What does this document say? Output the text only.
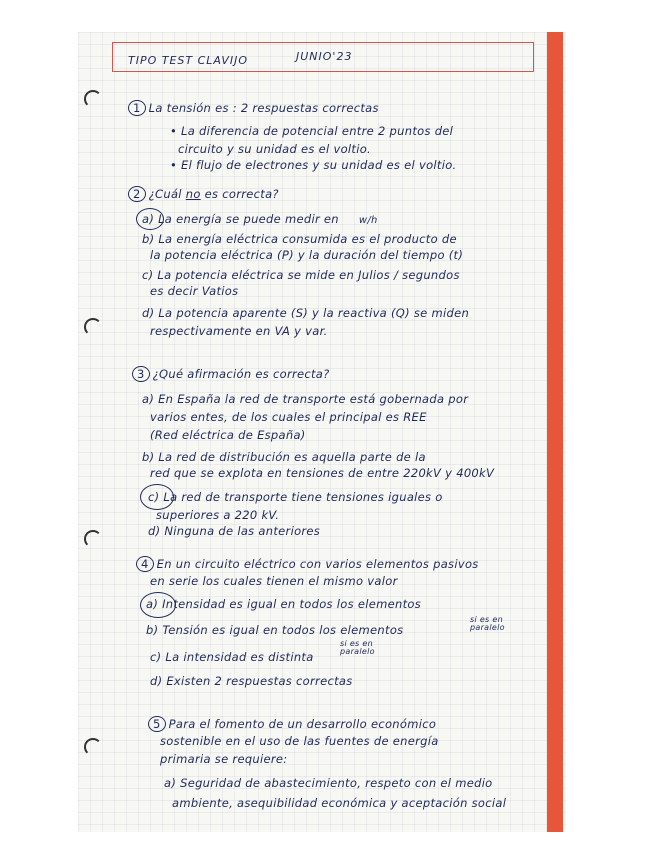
TIPO TEST CLAVIJO	JUNIO'23
1 La tensión es : 2 respuestas correctas
• La diferencia de potencial entre 2 puntos del
circuito y su unidad es el voltio.
• El flujo de electrones y su unidad es el voltio.
2 ¿Cuál no es correcta?
a) La energía se puede medir en w/h
b) La energía eléctrica consumida es el producto de
la potencia eléctrica (P) y la duración del tiempo (t)
c) La potencia eléctrica se mide en Julios / segundos
es decir Vatios
d) La potencia aparente (S) y la reactiva (Q) se miden
respectivamente en VA y var.
3 ¿Qué afirmación es correcta?
a) En España la red de transporte está gobernada por
varios entes, de los cuales el principal es REE
(Red eléctrica de España)
b) La red de distribución es aquella parte de la
red que se explota en tensiones de entre 220kV y 400kV
c) La red de transporte tiene tensiones iguales o
superiores a 220 kV.
d) Ninguna de las anteriores
4 En un circuito eléctrico con varios elementos pasivos
en serie los cuales tienen el mismo valor
a) Intensidad es igual en todos los elementos
b) Tensión es igual en todos los elementos
si es en
paralelo
c) La intensidad es distinta
si es en
paralelo
d) Existen 2 respuestas correctas
5 Para el fomento de un desarrollo económico
sostenible en el uso de las fuentes de energía
primaria se requiere:
a) Seguridad de abastecimiento, respeto con el medio
ambiente, asequibilidad económica y aceptación social
